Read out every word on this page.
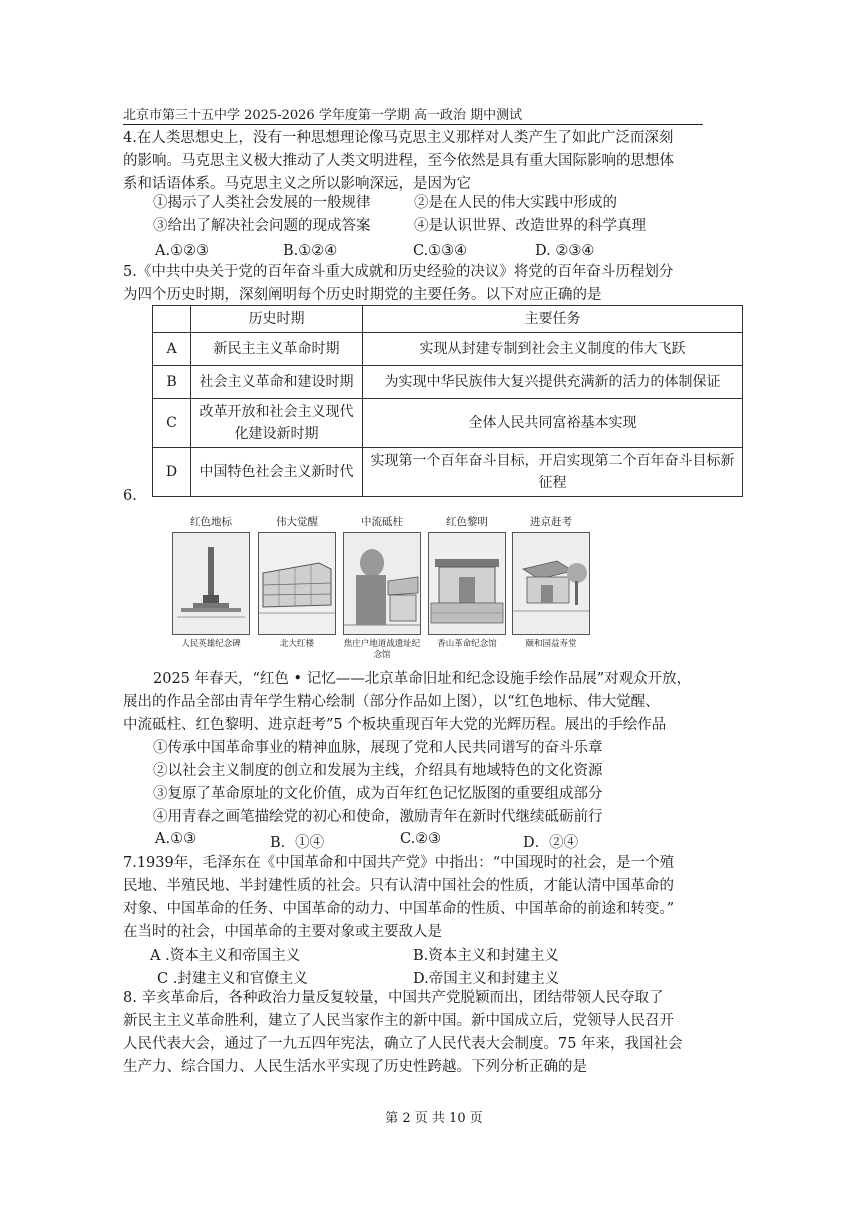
北京市第三十五中学 2025-2026 学年度第一学期 高一政治 期中测试
4.在人类思想史上，没有一种思想理论像马克思主义那样对人类产生了如此广泛而深刻
的影响。马克思主义极大推动了人类文明进程，至今依然是具有重大国际影响的思想体
系和话语体系。马克思主义之所以影响深远，是因为它
①揭示了人类社会发展的一般规律	②是在人民的伟大实践中形成的
③给出了解决社会问题的现成答案	④是认识世界、改造世界的科学真理
A.①②③	B.①②④	C.①③④	D. ②③④
5.《中共中央关于党的百年奋斗重大成就和历史经验的决议》将党的百年奋斗历程划分
为四个历史时期，深刻阐明每个历史时期党的主要任务。以下对应正确的是
	历史时期	主要任务
A	新民主主义革命时期	实现从封建专制到社会主义制度的伟大飞跃
B	社会主义革命和建设时期	为实现中华民族伟大复兴提供充满新的活力的体制保证
C	改革开放和社会主义现代化建设新时期	全体人民共同富裕基本实现
D	中国特色社会主义新时代	实现第一个百年奋斗目标，开启实现第二个百年奋斗目标新征程
6.
红色地标
人民英雄纪念碑
伟大觉醒
北大红楼
中流砥柱
焦庄户地道战遗址纪念馆
红色黎明
香山革命纪念馆
进京赶考
颐和园益寿堂
2025 年春天，“红色 • 记忆——北京革命旧址和纪念设施手绘作品展”对观众开放，
展出的作品全部由青年学生精心绘制（部分作品如上图），以“红色地标、伟大觉醒、
中流砥柱、红色黎明、进京赶考”5 个板块重现百年大党的光辉历程。展出的手绘作品
①传承中国革命事业的精神血脉，展现了党和人民共同谱写的奋斗乐章
②以社会主义制度的创立和发展为主线，介绍具有地域特色的文化资源
③复原了革命原址的文化价值，成为百年红色记忆版图的重要组成部分
④用青春之画笔描绘党的初心和使命，激励青年在新时代继续砥砺前行
A.①③	B．①④	C.②③	D．②④
7.1939年，毛泽东在《中国革命和中国共产党》中指出：“中国现时的社会，是一个殖
民地、半殖民地、半封建性质的社会。只有认清中国社会的性质，才能认清中国革命的
对象、中国革命的任务、中国革命的动力、中国革命的性质、中国革命的前途和转变。”
在当时的社会，中国革命的主要对象或主要敌人是
A .资本主义和帝国主义	B.资本主义和封建主义
C .封建主义和官僚主义	D.帝国主义和封建主义
8. 辛亥革命后，各种政治力量反复较量，中国共产党脱颖而出，团结带领人民夺取了
新民主主义革命胜利，建立了人民当家作主的新中国。新中国成立后，党领导人民召开
人民代表大会，通过了一九五四年宪法，确立了人民代表大会制度。75 年来，我国社会
生产力、综合国力、人民生活水平实现了历史性跨越。下列分析正确的是
第 2 页 共 10 页
